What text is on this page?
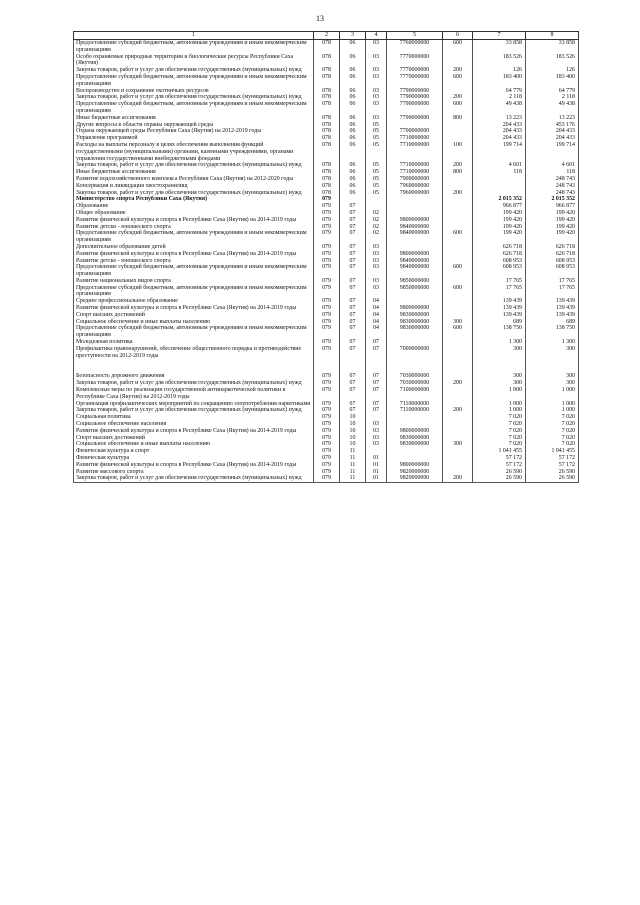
13
1	2	3	4	5	6	7	8
Предоставление субсидий бюджетным, автономным учреждениям и иным некоммерческим организациям	078	06	03	7760000000	600	33 858	33 858
Особо охраняемые природные территории и биологические ресурсы Республики Саха (Якутия)	078	06	03	7770000000		183 526	183 526
Закупка товаров, работ и услуг для обеспечения государственных (муниципальных) нужд	078	06	03	7770000000	200	126	126
Предоставление субсидий бюджетным, автономным учреждениям и иным некоммерческим организациям	078	06	03	7770000000	600	183 400	183 400
Воспроизводство и сохранение охотничьих ресурсов	078	06	03	7790000000		64 779	64 779
Закупка товаров, работ и услуг для обеспечения государственных (муниципальных) нужд	078	06	03	7790000000	200	2 118	2 118
Предоставление субсидий бюджетным, автономным учреждениям и иным некоммерческим организациям	078	06	03	7790000000	600	49 438	49 438
Иные бюджетные ассигнования	078	06	03	7790000000	800	13 223	13 223
Другие вопросы в области охраны окружающей среды	078	06	05			204 433	453 176
Охрана окружающей среды Республики Саха (Якутия) на 2012-2019 годы	078	06	05	7700000000		204 433	204 433
Управление программой	078	06	05	7710000000		204 433	204 433
Расходы на выплаты персоналу в целях обеспечения выполнения функций государственными (муниципальными) органами, казенными учреждениями, органами управления государственными внебюджетными фондами	078	06	05	7710000000	100	199 714	199 714
Закупка товаров, работ и услуг для обеспечения государственных (муниципальных) нужд	078	06	05	7710000000	200	4 601	4 601
Иные бюджетные ассигнования	078	06	05	7710000000	800	118	118
Развитие водохозяйственного комплекса Республики Саха (Якутия) на 2012-2020 годы	078	06	05	7900000000			248 743
Консервация и ликвидация хвостохранилищ	078	06	05	7960000000			248 743
Закупка товаров, работ и услуг для обеспечения государственных (муниципальных) нужд	078	06	05	7960000000	200		248 743
Министерство спорта Республики Саха (Якутия)	079					2 015 352	2 015 352
Образование	079	07				966 877	966 877
Общее образование	079	07	02			199 420	199 420
Развитие физической культуры и спорта в Республике Саха (Якутия) на 2014-2019 годы	079	07	02	9800000000		199 420	199 420
Развитие детско - юношеского спорта	079	07	02	9840000000		199 420	199 420
Предоставление субсидий бюджетным, автономным учреждениям и иным некоммерческим организациям	079	07	02	9840000000	600	199 420	199 420
Дополнительное образование детей	079	07	03			626 718	626 718
Развитие физической культуры и спорта в Республике Саха (Якутия) на 2014-2019 годы	079	07	03	9800000000		626 718	626 718
Развитие детско - юношеского спорта	079	07	03	9840000000		608 953	608 953
Предоставление субсидий бюджетным, автономным учреждениям и иным некоммерческим организациям	079	07	03	9840000000	600	608 953	608 953
Развитие национальных видов спорта	079	07	03	9850000000		17 765	17 765
Предоставление субсидий бюджетным, автономным учреждениям и иным некоммерческим организациям	079	07	03	9850000000	600	17 765	17 765
Среднее профессиональное образование	079	07	04			139 439	139 439
Развитие физической культуры и спорта в Республике Саха (Якутия) на 2014-2019 годы	079	07	04	9800000000		139 439	139 439
Спорт высших достижений	079	07	04	9830000000		139 439	139 439
Социальное обеспечение и иные выплаты населению	079	07	04	9830000000	300	689	689
Предоставление субсидий бюджетным, автономным учреждениям и иным некоммерческим организациям	079	07	04	9830000000	600	138 750	138 750
Молодежная политика	079	07	07			1 300	1 300
Профилактика правонарушений, обеспечение общественного порядка и противодействие преступности на 2012-2019 годы	079	07	07	7000000000		300	300

Безопасность дорожного движения	079	07	07	7030000000		300	300
Закупка товаров, работ и услуг для обеспечения государственных (муниципальных) нужд	079	07	07	7030000000	200	300	300
Комплексные меры по реализации государственной антинаркотической политики в Республике Саха (Якутия) на 2012-2019 годы	079	07	07	7100000000		1 000	1 000
Организация профилактических мероприятий по сокращению злоупотребления наркотиками	079	07	07	7110000000		1 000	1 000
Закупка товаров, работ и услуг для обеспечения государственных (муниципальных) нужд	079	07	07	7110000000	200	1 000	1 000
Социальная политика	079	10				7 020	7 020
Социальное обеспечение населения	079	10	03			7 020	7 020
Развитие физической культуры и спорта в Республике Саха (Якутия) на 2014-2019 годы	079	10	03	9800000000		7 020	7 020
Спорт высших достижений	079	10	03	9830000000		7 020	7 020
Социальное обеспечение и иные выплаты населению	079	10	03	9830000000	300	7 020	7 020
Физическая культура и спорт	079	11				1 041 455	1 041 455
Физическая культура	079	11	01			57 172	57 172
Развитие физической культуры и спорта в Республике Саха (Якутия) на 2014-2019 годы	079	11	01	9800000000		57 172	57 172
Развитие массового спорта	079	11	01	9820000000		26 590	26 590
Закупка товаров, работ и услуг для обеспечения государственных (муниципальных) нужд	079	11	01	9820000000	200	26 590	26 590
